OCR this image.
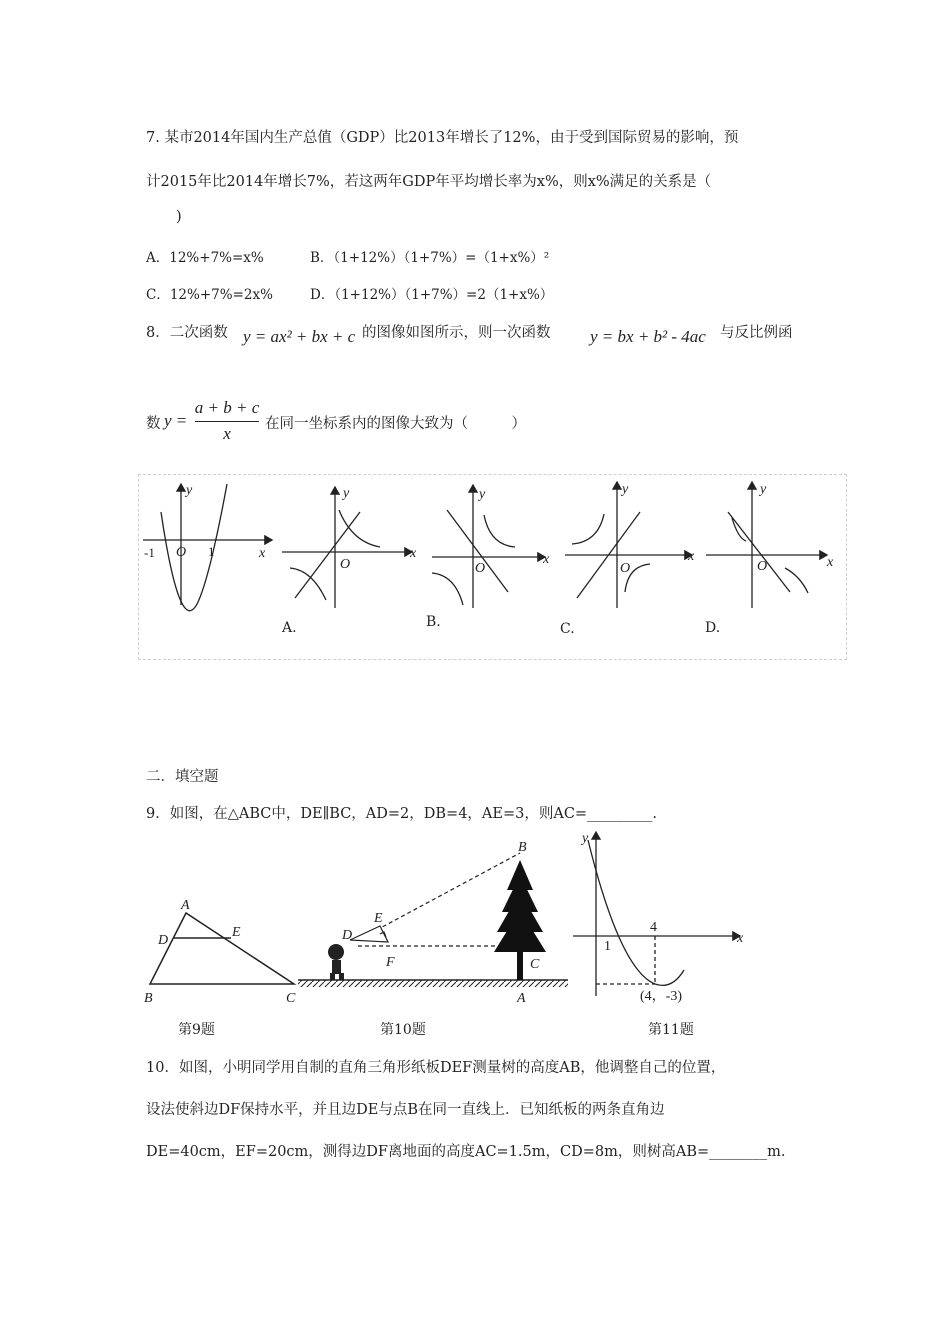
7. 某市2014年国内生产总值（GDP）比2013年增长了12%，由于受到国际贸易的影响，预
计2015年比2014年增长7%，若这两年GDP年平均增长率为x%，则x%满足的关系是（
)
A．12%+7%=x%	B．（1+12%）（1+7%）=（1+x%）²
C．12%+7%=2x%	D．（1+12%）（1+7%）=2（1+x%）
8．二次函数 y = ax² + bx + c 的图像如图所示，则一次函数 y = bx + b² - 4ac 与反比例函
数 y =
a + b + c
x	在同一坐标系内的图像大致为（　　　）
y
x
O
y
x
O
y
x
O
y
x
O
y
x
O
-1	1
A.	B.	C.	D.
二．填空题
9．如图，在△ABC中，DE∥BC，AD=2，DB=4，AE=3，则AC=_________.
A
B	C
D
E
B
D
E
F	C
A
y
x
1
4
(4，-3)
第9题	第10题	第11题
10．如图，小明同学用自制的直角三角形纸板DEF测量树的高度AB，他调整自己的位置，
设法使斜边DF保持水平，并且边DE与点B在同一直线上．已知纸板的两条直角边
DE=40cm，EF=20cm，测得边DF离地面的高度AC=1.5m，CD=8m，则树高AB=________m.
